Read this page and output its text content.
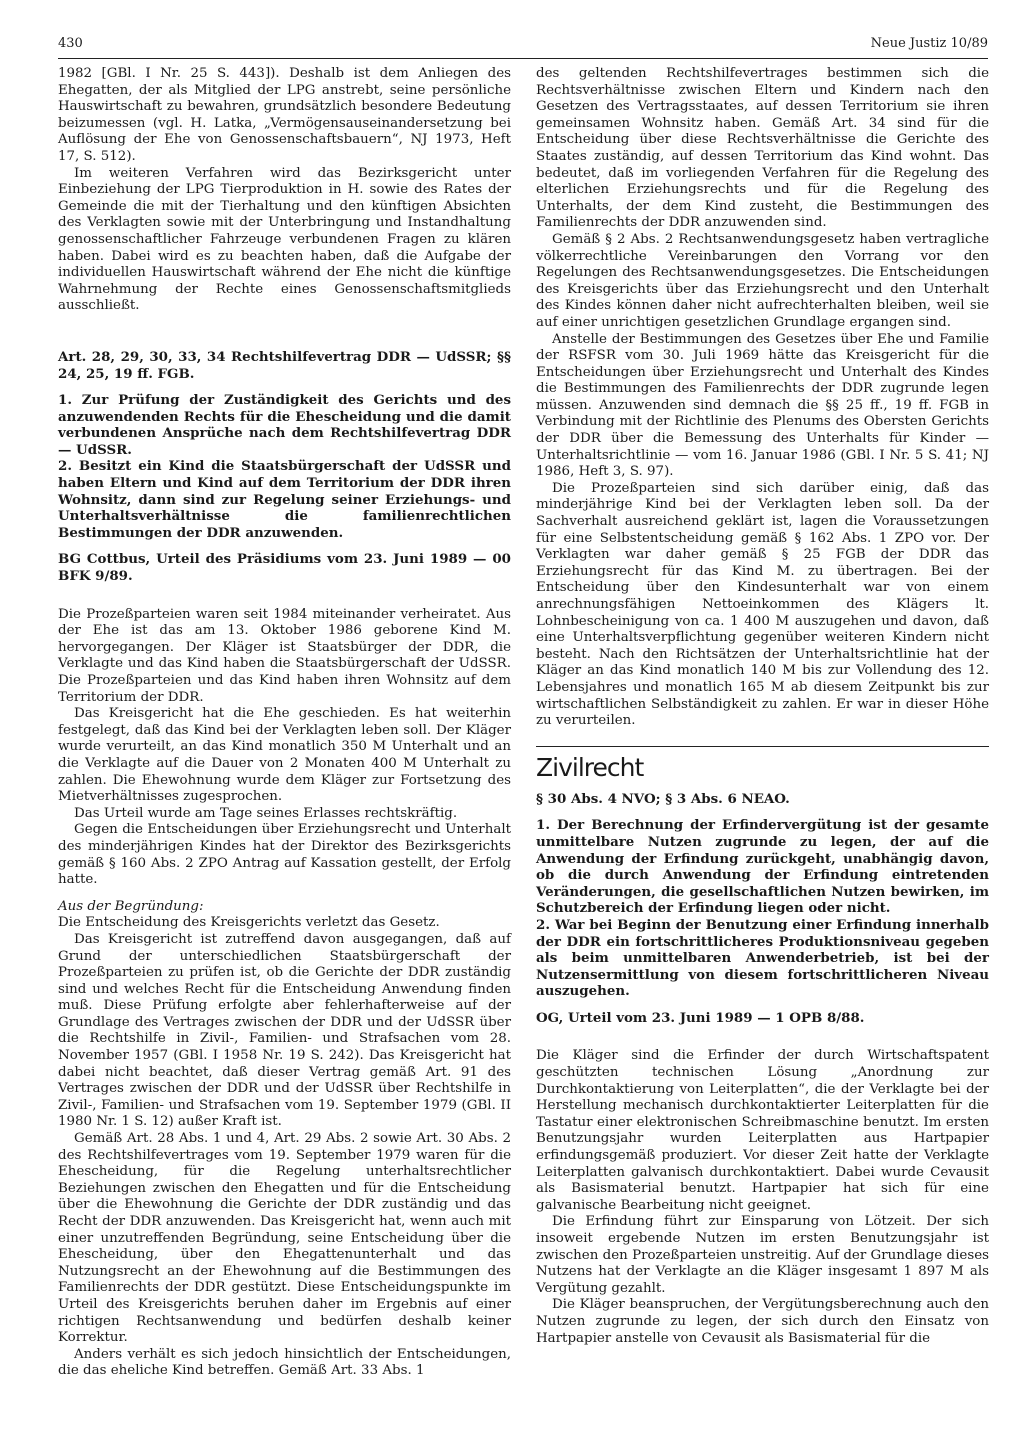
430	Neue Justiz 10/89

1982 [GBl. I Nr. 25 S. 443]). Deshalb ist dem Anliegen des Ehegatten, der als Mitglied der LPG anstrebt, seine persönliche Hauswirtschaft zu bewahren, grundsätzlich besondere Bedeutung beizumessen (vgl. H. Latka, „Vermögensauseinandersetzung bei Auflösung der Ehe von Genossenschaftsbauern“, NJ 1973, Heft 17, S. 512).

Im weiteren Verfahren wird das Bezirksgericht unter Einbeziehung der LPG Tierproduktion in H. sowie des Rates der Gemeinde die mit der Tierhaltung und den künftigen Absichten des Verklagten sowie mit der Unterbringung und Instandhaltung genossenschaftlicher Fahrzeuge verbundenen Fragen zu klären haben. Dabei wird es zu beachten haben, daß die Aufgabe der individuellen Hauswirtschaft während der Ehe nicht die künftige Wahrnehmung der Rechte eines Genossenschaftsmitglieds ausschließt.

Art. 28, 29, 30, 33, 34 Rechtshilfevertrag DDR — UdSSR; §§ 24, 25, 19 ff. FGB.

1. Zur Prüfung der Zuständigkeit des Gerichts und des anzuwendenden Rechts für die Ehescheidung und die damit verbundenen Ansprüche nach dem Rechtshilfevertrag DDR — UdSSR.

2. Besitzt ein Kind die Staatsbürgerschaft der UdSSR und haben Eltern und Kind auf dem Territorium der DDR ihren Wohnsitz, dann sind zur Regelung seiner Erziehungs- und Unterhaltsverhältnisse die familienrechtlichen Bestimmungen der DDR anzuwenden.

BG Cottbus, Urteil des Präsidiums vom 23. Juni 1989 — 00 BFK 9/89.

Die Prozeßparteien waren seit 1984 miteinander verheiratet. Aus der Ehe ist das am 13. Oktober 1986 geborene Kind M. hervorgegangen. Der Kläger ist Staatsbürger der DDR, die Verklagte und das Kind haben die Staatsbürgerschaft der UdSSR. Die Prozeßparteien und das Kind haben ihren Wohnsitz auf dem Territorium der DDR.

Das Kreisgericht hat die Ehe geschieden. Es hat weiterhin festgelegt, daß das Kind bei der Verklagten leben soll. Der Kläger wurde verurteilt, an das Kind monatlich 350 M Unterhalt und an die Verklagte auf die Dauer von 2 Monaten 400 M Unterhalt zu zahlen. Die Ehewohnung wurde dem Kläger zur Fortsetzung des Mietverhältnisses zugesprochen.

Das Urteil wurde am Tage seines Erlasses rechtskräftig.

Gegen die Entscheidungen über Erziehungsrecht und Unterhalt des minderjährigen Kindes hat der Direktor des Bezirksgerichts gemäß § 160 Abs. 2 ZPO Antrag auf Kassation gestellt, der Erfolg hatte.

Aus der Begründung:

Die Entscheidung des Kreisgerichts verletzt das Gesetz.

Das Kreisgericht ist zutreffend davon ausgegangen, daß auf Grund der unterschiedlichen Staatsbürgerschaft der Prozeßparteien zu prüfen ist, ob die Gerichte der DDR zuständig sind und welches Recht für die Entscheidung Anwendung finden muß. Diese Prüfung erfolgte aber fehlerhafterweise auf der Grundlage des Vertrages zwischen der DDR und der UdSSR über die Rechtshilfe in Zivil-, Familien- und Strafsachen vom 28. November 1957 (GBl. I 1958 Nr. 19 S. 242). Das Kreisgericht hat dabei nicht beachtet, daß dieser Vertrag gemäß Art. 91 des Vertrages zwischen der DDR und der UdSSR über Rechtshilfe in Zivil-, Familien- und Strafsachen vom 19. September 1979 (GBl. II 1980 Nr. 1 S. 12) außer Kraft ist.

Gemäß Art. 28 Abs. 1 und 4, Art. 29 Abs. 2 sowie Art. 30 Abs. 2 des Rechtshilfevertrages vom 19. September 1979 waren für die Ehescheidung, für die Regelung unterhaltsrechtlicher Beziehungen zwischen den Ehegatten und für die Entscheidung über die Ehewohnung die Gerichte der DDR zuständig und das Recht der DDR anzuwenden. Das Kreisgericht hat, wenn auch mit einer unzutreffenden Begründung, seine Entscheidung über die Ehescheidung, über den Ehegattenunterhalt und das Nutzungsrecht an der Ehewohnung auf die Bestimmungen des Familienrechts der DDR gestützt. Diese Entscheidungspunkte im Urteil des Kreisgerichts beruhen daher im Ergebnis auf einer richtigen Rechtsanwendung und bedürfen deshalb keiner Korrektur.

Anders verhält es sich jedoch hinsichtlich der Entscheidungen, die das eheliche Kind betreffen. Gemäß Art. 33 Abs. 1

des geltenden Rechtshilfevertrages bestimmen sich die Rechtsverhältnisse zwischen Eltern und Kindern nach den Gesetzen des Vertragsstaates, auf dessen Territorium sie ihren gemeinsamen Wohnsitz haben. Gemäß Art. 34 sind für die Entscheidung über diese Rechtsverhältnisse die Gerichte des Staates zuständig, auf dessen Territorium das Kind wohnt. Das bedeutet, daß im vorliegenden Verfahren für die Regelung des elterlichen Erziehungsrechts und für die Regelung des Unterhalts, der dem Kind zusteht, die Bestimmungen des Familienrechts der DDR anzuwenden sind.

Gemäß § 2 Abs. 2 Rechtsanwendungsgesetz haben vertragliche völkerrechtliche Vereinbarungen den Vorrang vor den Regelungen des Rechtsanwendungsgesetzes. Die Entscheidungen des Kreisgerichts über das Erziehungsrecht und den Unterhalt des Kindes können daher nicht aufrechterhalten bleiben, weil sie auf einer unrichtigen gesetzlichen Grundlage ergangen sind.

Anstelle der Bestimmungen des Gesetzes über Ehe und Familie der RSFSR vom 30. Juli 1969 hätte das Kreisgericht für die Entscheidungen über Erziehungsrecht und Unterhalt des Kindes die Bestimmungen des Familienrechts der DDR zugrunde legen müssen. Anzuwenden sind demnach die §§ 25 ff., 19 ff. FGB in Verbindung mit der Richtlinie des Plenums des Obersten Gerichts der DDR über die Bemessung des Unterhalts für Kinder — Unterhaltsrichtlinie — vom 16. Januar 1986 (GBl. I Nr. 5 S. 41; NJ 1986, Heft 3, S. 97).

Die Prozeßparteien sind sich darüber einig, daß das minderjährige Kind bei der Verklagten leben soll. Da der Sachverhalt ausreichend geklärt ist, lagen die Voraussetzungen für eine Selbstentscheidung gemäß § 162 Abs. 1 ZPO vor. Der Verklagten war daher gemäß § 25 FGB der DDR das Erziehungsrecht für das Kind M. zu übertragen. Bei der Entscheidung über den Kindesunterhalt war von einem anrechnungsfähigen Nettoeinkommen des Klägers lt. Lohnbescheinigung von ca. 1 400 M auszugehen und davon, daß eine Unterhaltsverpflichtung gegenüber weiteren Kindern nicht besteht. Nach den Richtsätzen der Unterhaltsrichtlinie hat der Kläger an das Kind monatlich 140 M bis zur Vollendung des 12. Lebensjahres und monatlich 165 M ab diesem Zeitpunkt bis zur wirtschaftlichen Selbständigkeit zu zahlen. Er war in dieser Höhe zu verurteilen.

Zivilrecht

§ 30 Abs. 4 NVO; § 3 Abs. 6 NEAO.

1. Der Berechnung der Erfindervergütung ist der gesamte unmittelbare Nutzen zugrunde zu legen, der auf die Anwendung der Erfindung zurückgeht, unabhängig davon, ob die durch Anwendung der Erfindung eintretenden Veränderungen, die gesellschaftlichen Nutzen bewirken, im Schutzbereich der Erfindung liegen oder nicht.

2. War bei Beginn der Benutzung einer Erfindung innerhalb der DDR ein fortschrittlicheres Produktionsniveau gegeben als beim unmittelbaren Anwenderbetrieb, ist bei der Nutzensermittlung von diesem fortschrittlicheren Niveau auszugehen.

OG, Urteil vom 23. Juni 1989 — 1 OPB 8/88.

Die Kläger sind die Erfinder der durch Wirtschaftspatent geschützten technischen Lösung „Anordnung zur Durchkontaktierung von Leiterplatten“, die der Verklagte bei der Herstellung mechanisch durchkontaktierter Leiterplatten für die Tastatur einer elektronischen Schreibmaschine benutzt. Im ersten Benutzungsjahr wurden Leiterplatten aus Hartpapier erfindungsgemäß produziert. Vor dieser Zeit hatte der Verklagte Leiterplatten galvanisch durchkontaktiert. Dabei wurde Cevausit als Basismaterial benutzt. Hartpapier hat sich für eine galvanische Bearbeitung nicht geeignet.

Die Erfindung führt zur Einsparung von Lötzeit. Der sich insoweit ergebende Nutzen im ersten Benutzungsjahr ist zwischen den Prozeßparteien unstreitig. Auf der Grundlage dieses Nutzens hat der Verklagte an die Kläger insgesamt 1 897 M als Vergütung gezahlt.

Die Kläger beanspruchen, der Vergütungsberechnung auch den Nutzen zugrunde zu legen, der sich durch den Einsatz von Hartpapier anstelle von Cevausit als Basismaterial für die
